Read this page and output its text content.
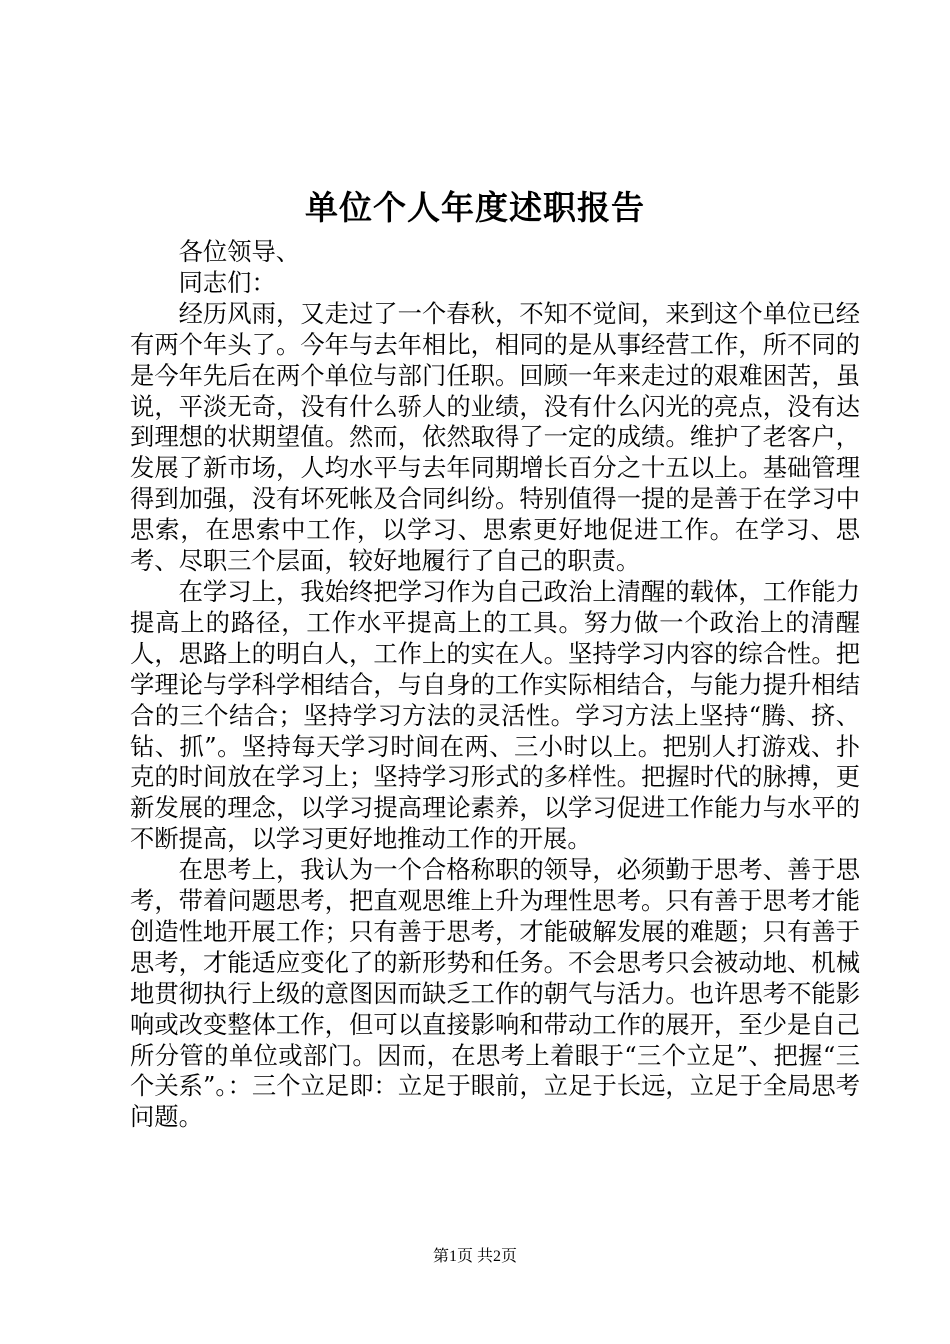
单位个人年度述职报告

各位领导、

同志们：

经历风雨，又走过了一个春秋，不知不觉间，来到这个单位已经有两个年头了。今年与去年相比，相同的是从事经营工作，所不同的是今年先后在两个单位与部门任职。回顾一年来走过的艰难困苦，虽说，平淡无奇，没有什么骄人的业绩，没有什么闪光的亮点，没有达到理想的状期望值。然而，依然取得了一定的成绩。维护了老客户，发展了新市场，人均水平与去年同期增长百分之十五以上。基础管理得到加强，没有坏死帐及合同纠纷。特别值得一提的是善于在学习中思索，在思索中工作，以学习、思索更好地促进工作。在学习、思考、尽职三个层面，较好地履行了自己的职责。

在学习上，我始终把学习作为自己政治上清醒的载体，工作能力提高上的路径，工作水平提高上的工具。努力做一个政治上的清醒人，思路上的明白人，工作上的实在人。坚持学习内容的综合性。把学理论与学科学相结合，与自身的工作实际相结合，与能力提升相结合的三个结合；坚持学习方法的灵活性。学习方法上坚持“腾、挤、钻、抓”。坚持每天学习时间在两、三小时以上。把别人打游戏、扑克的时间放在学习上；坚持学习形式的多样性。把握时代的脉搏，更新发展的理念，以学习提高理论素养，以学习促进工作能力与水平的不断提高，以学习更好地推动工作的开展。

在思考上，我认为一个合格称职的领导，必须勤于思考、善于思考，带着问题思考，把直观思维上升为理性思考。只有善于思考才能创造性地开展工作；只有善于思考，才能破解发展的难题；只有善于思考，才能适应变化了的新形势和任务。不会思考只会被动地、机械地贯彻执行上级的意图因而缺乏工作的朝气与活力。也许思考不能影响或改变整体工作，但可以直接影响和带动工作的展开，至少是自己所分管的单位或部门。因而，在思考上着眼于“三个立足”、把握“三个关系”。：三个立足即：立足于眼前，立足于长远，立足于全局思考问题。

第1页 共2页
